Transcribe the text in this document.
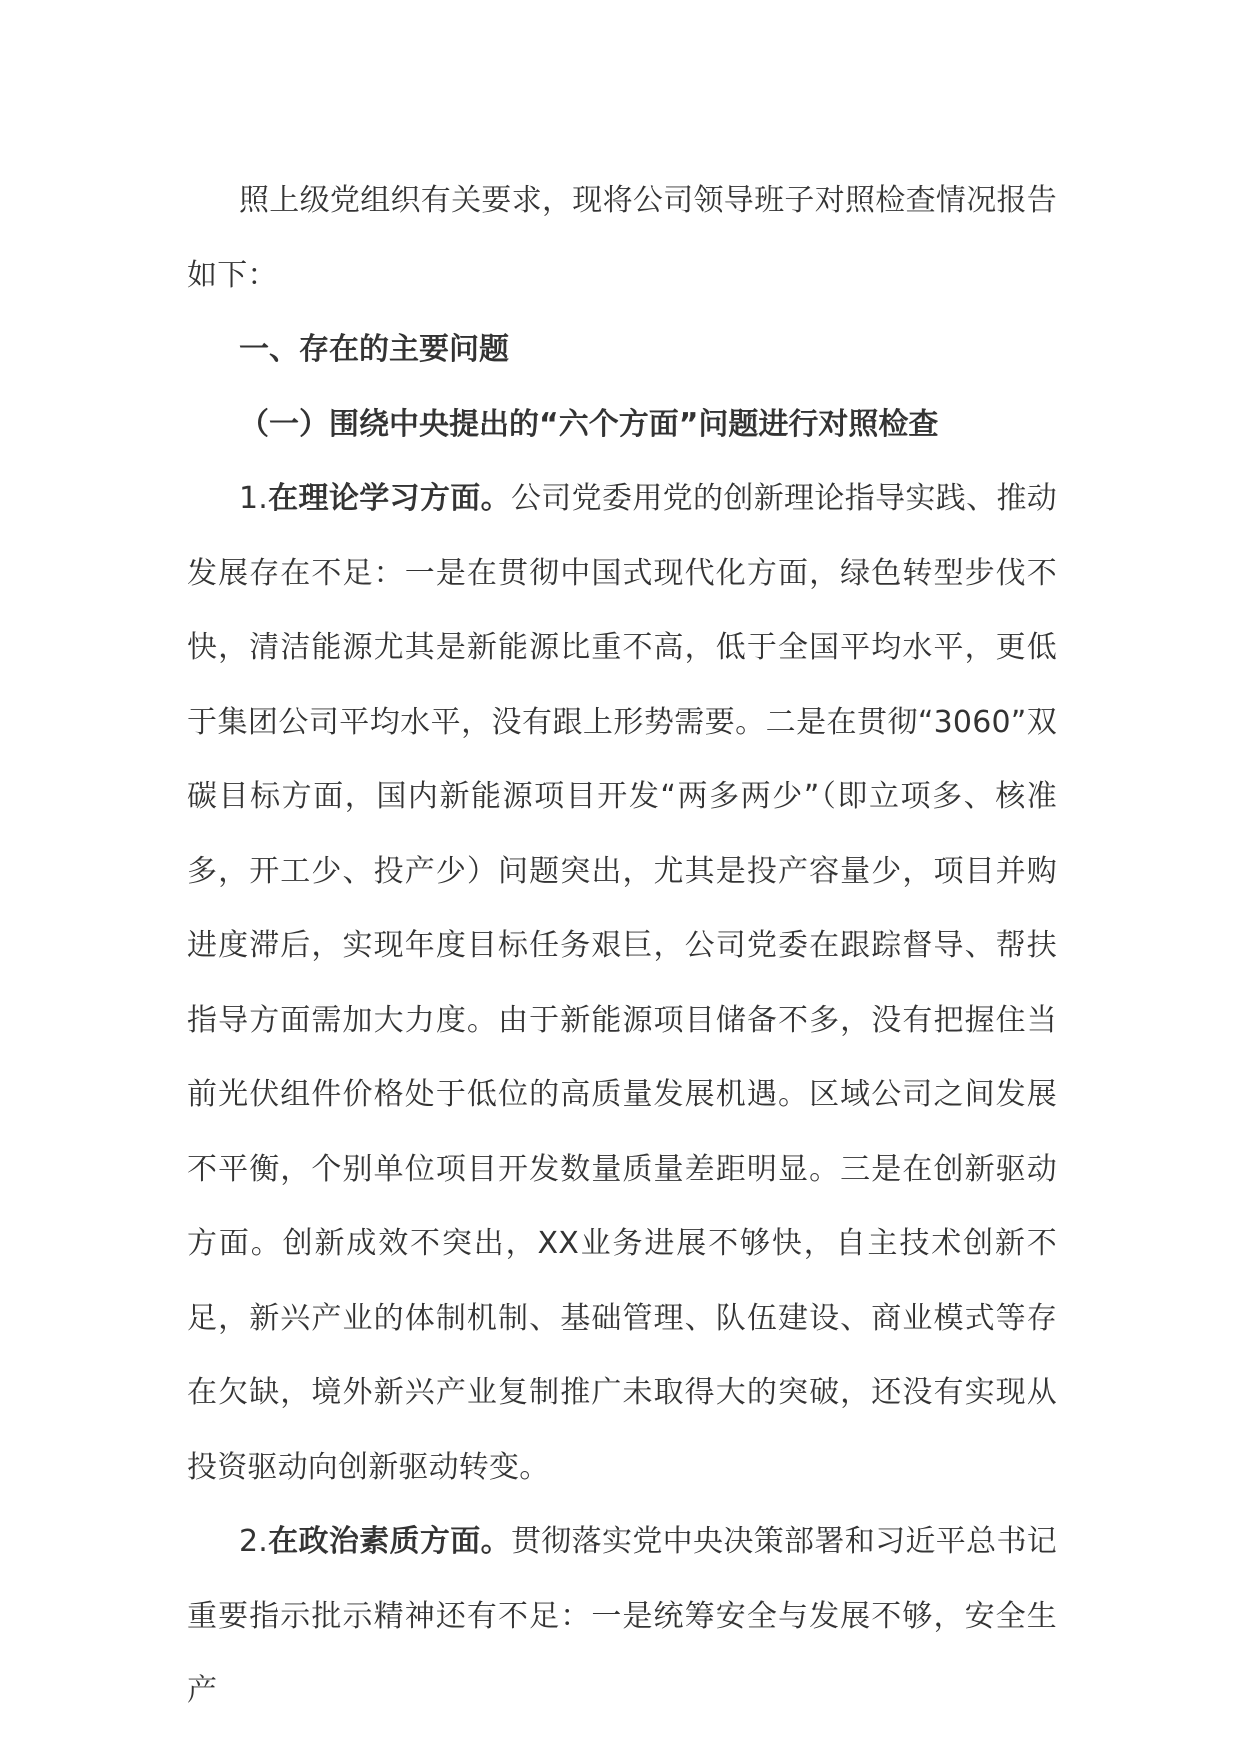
照上级党组织有关要求，现将公司领导班子对照检查情况报告如下：

一、存在的主要问题

（一）围绕中央提出的“六个方面”问题进行对照检查

1.在理论学习方面。公司党委用党的创新理论指导实践、推动发展存在不足：一是在贯彻中国式现代化方面，绿色转型步伐不快，清洁能源尤其是新能源比重不高，低于全国平均水平，更低于集团公司平均水平，没有跟上形势需要。二是在贯彻“3060”双碳目标方面，国内新能源项目开发“两多两少”（即立项多、核准多，开工少、投产少）问题突出，尤其是投产容量少，项目并购进度滞后，实现年度目标任务艰巨，公司党委在跟踪督导、帮扶指导方面需加大力度。由于新能源项目储备不多，没有把握住当前光伏组件价格处于低位的高质量发展机遇。区域公司之间发展不平衡，个别单位项目开发数量质量差距明显。三是在创新驱动方面。创新成效不突出，XX业务进展不够快，自主技术创新不足，新兴产业的体制机制、基础管理、队伍建设、商业模式等存在欠缺，境外新兴产业复制推广未取得大的突破，还没有实现从投资驱动向创新驱动转变。

2.在政治素质方面。贯彻落实党中央决策部署和习近平总书记重要指示批示精神还有不足：一是统筹安全与发展不够，安全生产
